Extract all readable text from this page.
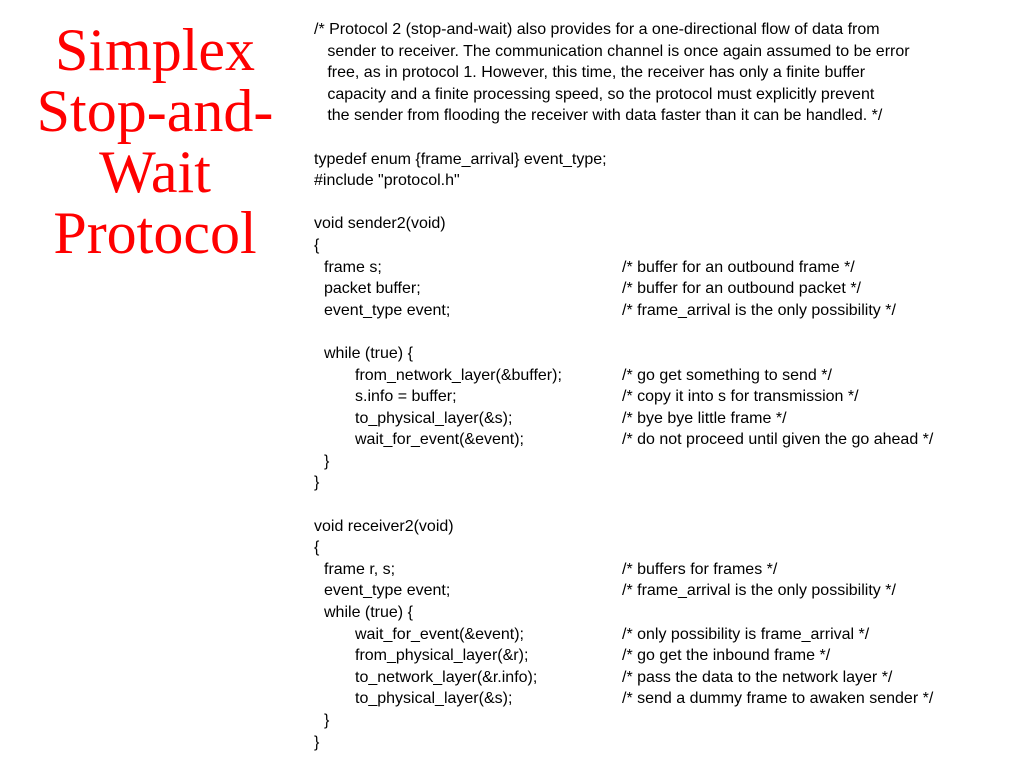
Simplex
Stop-and-
Wait
Protocol
/* Protocol 2 (stop-and-wait) also provides for a one-directional flow of data from
sender to receiver. The communication channel is once again assumed to be error
free, as in protocol 1. However, this time, the receiver has only a finite buffer
capacity and a finite processing speed, so the protocol must explicitly prevent
the sender from flooding the receiver with data faster than it can be handled. */
typedef enum {frame_arrival} event_type;
#include "protocol.h"
void sender2(void)
{
frame s;	/* buffer for an outbound frame */
packet buffer;	/* buffer for an outbound packet */
event_type event;	/* frame_arrival is the only possibility */
while (true) {
from_network_layer(&buffer);	/* go get something to send */
s.info = buffer;	/* copy it into s for transmission */
to_physical_layer(&s);	/* bye bye little frame */
wait_for_event(&event);	/* do not proceed until given the go ahead */
}
}
void receiver2(void)
{
frame r, s;	/* buffers for frames */
event_type event;	/* frame_arrival is the only possibility */
while (true) {
wait_for_event(&event);	/* only possibility is frame_arrival */
from_physical_layer(&r);	/* go get the inbound frame */
to_network_layer(&r.info);	/* pass the data to the network layer */
to_physical_layer(&s);	/* send a dummy frame to awaken sender */
}
}
